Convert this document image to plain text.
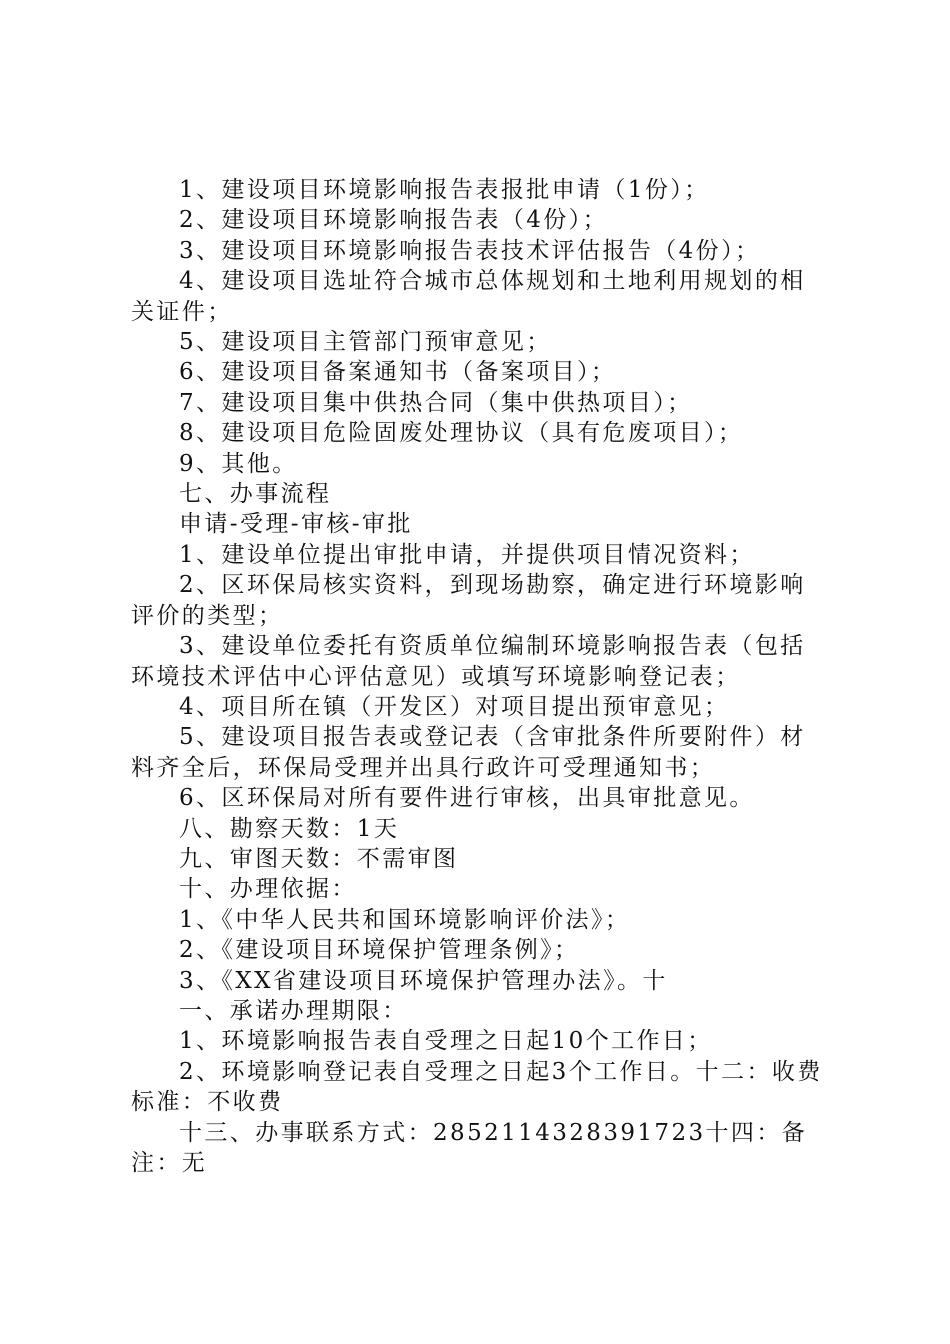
1、建设项目环境影响报告表报批申请（1份）；

2、建设项目环境影响报告表（4份）；

3、建设项目环境影响报告表技术评估报告（4份）；

4、建设项目选址符合城市总体规划和土地利用规划的相关证件；

5、建设项目主管部门预审意见；

6、建设项目备案通知书（备案项目）；

7、建设项目集中供热合同（集中供热项目）；

8、建设项目危险固废处理协议（具有危废项目）；

9、其他。

七、办事流程

申请-受理-审核-审批

1、建设单位提出审批申请，并提供项目情况资料；

2、区环保局核实资料，到现场勘察，确定进行环境影响评价的类型；

3、建设单位委托有资质单位编制环境影响报告表（包括环境技术评估中心评估意见）或填写环境影响登记表；

4、项目所在镇（开发区）对项目提出预审意见；

5、建设项目报告表或登记表（含审批条件所要附件）材料齐全后，环保局受理并出具行政许可受理通知书；

6、区环保局对所有要件进行审核，出具审批意见。

八、勘察天数：1天

九、审图天数：不需审图

十、办理依据：

1、《中华人民共和国环境影响评价法》；

2、《建设项目环境保护管理条例》；

3、《XX省建设项目环境保护管理办法》。十

一、承诺办理期限：

1、环境影响报告表自受理之日起10个工作日；

2、环境影响登记表自受理之日起3个工作日。十二：收费标准：不收费

十三、办事联系方式：2852114328391723十四：备注：无
